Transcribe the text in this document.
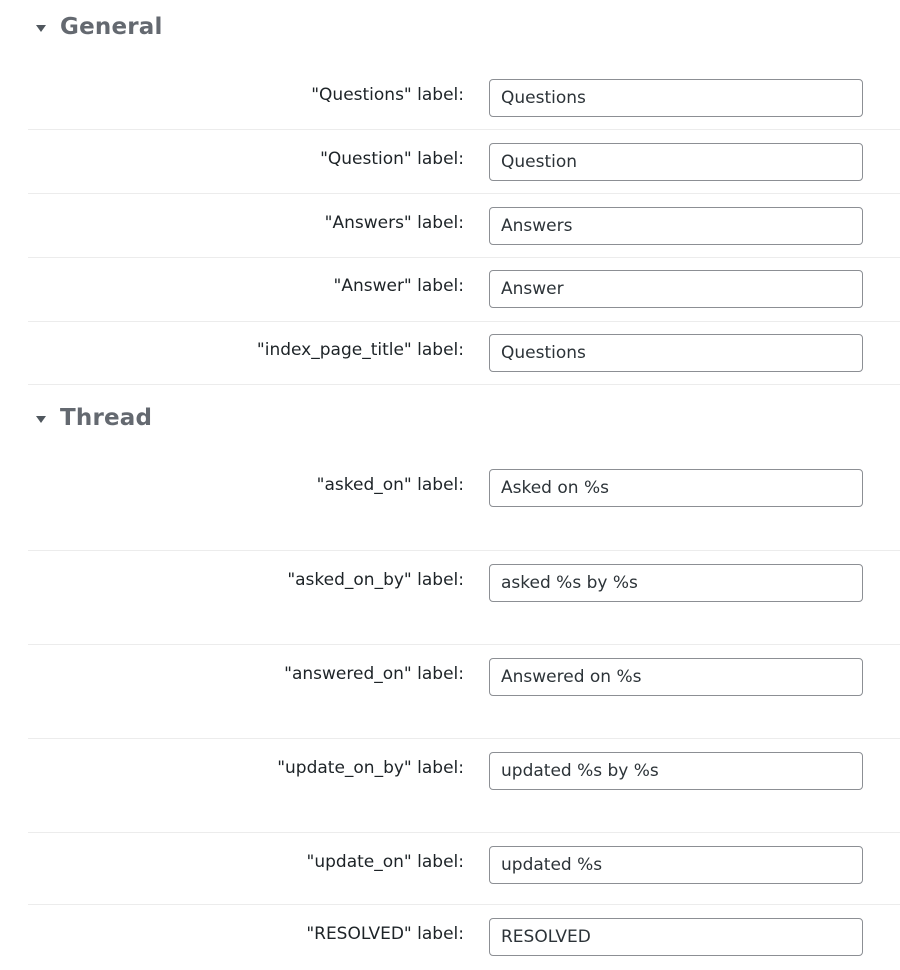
General
"Questions" label:
Questions
"Question" label:
Question
"Answers" label:
Answers
"Answer" label:
Answer
"index_page_title" label:
Questions
Thread
"asked_on" label:
Asked on %s
"asked_on_by" label:
asked %s by %s
"answered_on" label:
Answered on %s
"update_on_by" label:
updated %s by %s
"update_on" label:
updated %s
"RESOLVED" label:
RESOLVED
